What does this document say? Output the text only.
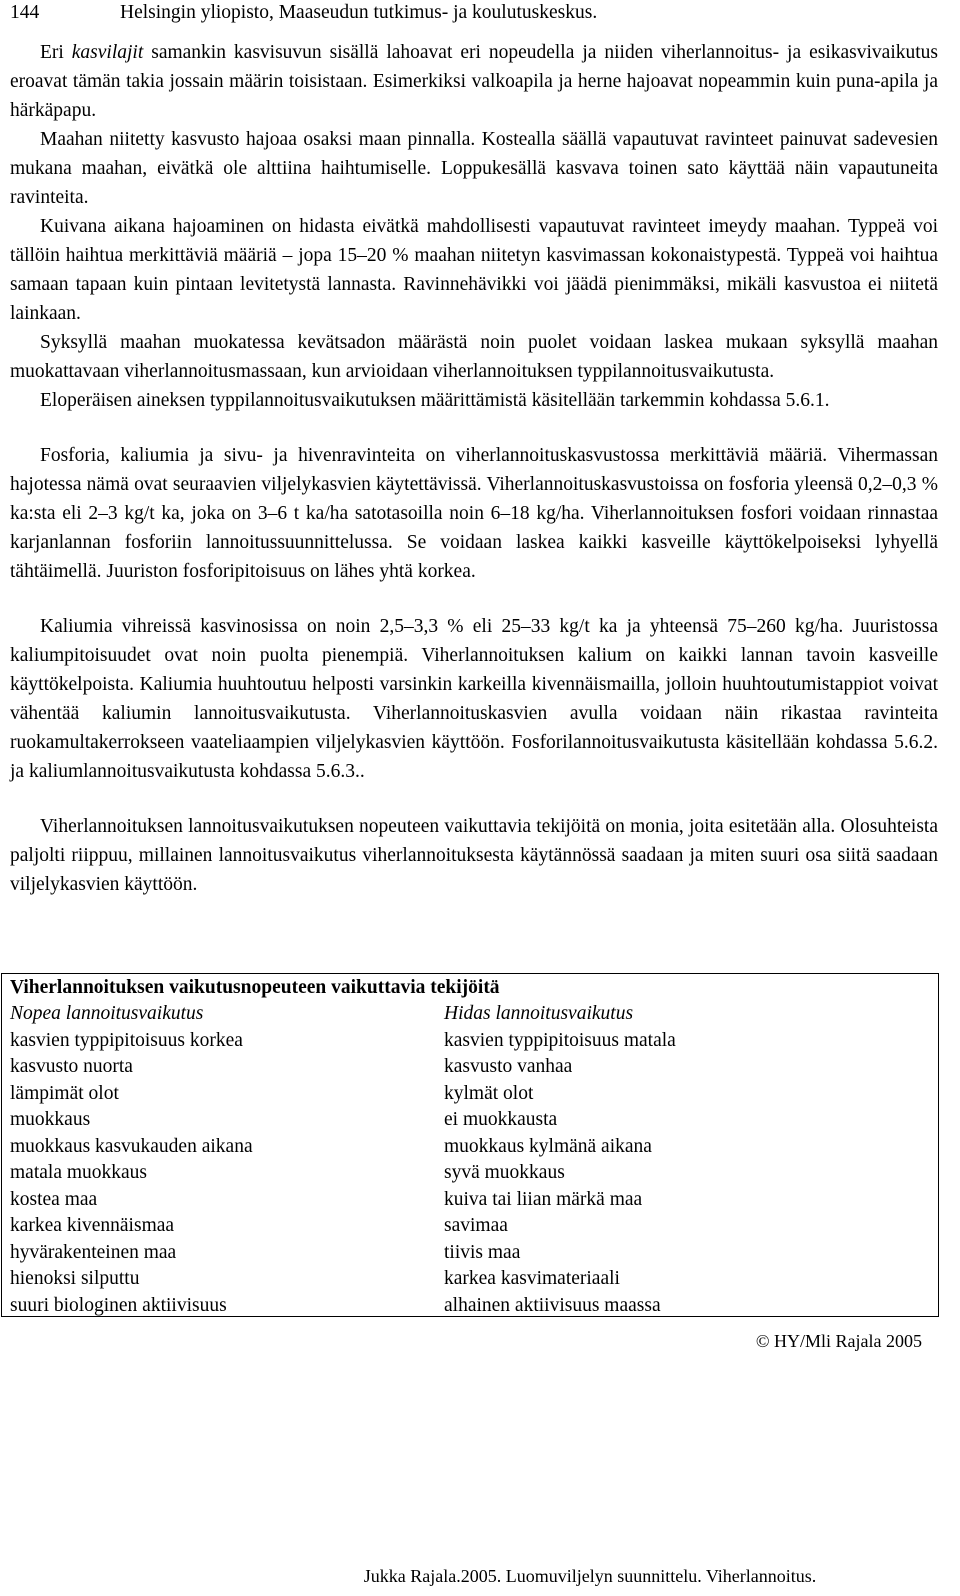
144	Helsingin yliopisto, Maaseudun tutkimus- ja koulutuskeskus.

Eri kasvilajit samankin kasvisuvun sisällä lahoavat eri nopeudella ja niiden viherlannoitus- ja esikasvivaikutus eroavat tämän takia jossain määrin toisistaan. Esimerkiksi valkoapila ja herne hajoavat nopeammin kuin puna-apila ja härkäpapu.

Maahan niitetty kasvusto hajoaa osaksi maan pinnalla. Kostealla säällä vapautuvat ravinteet painuvat sadevesien mukana maahan, eivätkä ole alttiina haihtumiselle. Loppukesällä kasvava toinen sato käyttää näin vapautuneita ravinteita.

Kuivana aikana hajoaminen on hidasta eivätkä mahdollisesti vapautuvat ravinteet imeydy maahan. Typpeä voi tällöin haihtua merkittäviä määriä – jopa 15–20 % maahan niitetyn kasvimassan kokonaistypestä. Typpeä voi haihtua samaan tapaan kuin pintaan levitetystä lannasta. Ravinnehävikki voi jäädä pienimmäksi, mikäli kasvustoa ei niitetä lainkaan.

Syksyllä maahan muokatessa kevätsadon määrästä noin puolet voidaan laskea mukaan syksyllä maahan muokattavaan viherlannoitusmassaan, kun arvioidaan viherlannoituksen typpilannoitusvaikutusta.

Eloperäisen aineksen typpilannoitusvaikutuksen määrittämistä käsitellään tarkemmin kohdassa 5.6.1.

Fosforia, kaliumia ja sivu- ja hivenravinteita on viherlannoituskasvustossa merkittäviä määriä. Vihermassan hajotessa nämä ovat seuraavien viljelykasvien käytettävissä. Viherlannoituskasvustoissa on fosforia yleensä 0,2–0,3 % ka:sta eli 2–3 kg/t ka, joka on 3–6 t ka/ha satotasoilla noin 6–18 kg/ha. Viherlannoituksen fosfori voidaan rinnastaa karjanlannan fosforiin lannoitussuunnittelussa. Se voidaan laskea kaikki kasveille käyttökelpoiseksi lyhyellä tähtäimellä. Juuriston fosforipitoisuus on lähes yhtä korkea.

Kaliumia vihreissä kasvinosissa on noin 2,5–3,3 % eli 25–33 kg/t ka ja yhteensä 75–260 kg/ha. Juuristossa kaliumpitoisuudet ovat noin puolta pienempiä. Viherlannoituksen kalium on kaikki lannan tavoin kasveille käyttökelpoista. Kaliumia huuhtoutuu helposti varsinkin karkeilla kivennäismailla, jolloin huuhtoutumistappiot voivat vähentää kaliumin lannoitusvaikutusta. Viherlannoituskasvien avulla voidaan näin rikastaa ravinteita ruokamultakerrokseen vaateliaampien viljelykasvien käyttöön. Fosforilannoitusvaikutusta käsitellään kohdassa 5.6.2. ja kaliumlannoitusvaikutusta kohdassa 5.6.3..

Viherlannoituksen lannoitusvaikutuksen nopeuteen vaikuttavia tekijöitä on monia, joita esitetään alla. Olosuhteista paljolti riippuu, millainen lannoitusvaikutus viherlannoituksesta käytännössä saadaan ja miten suuri osa siitä saadaan viljelykasvien käyttöön.

Viherlannoituksen vaikutusnopeuteen vaikuttavia tekijöitä
Nopea lannoitusvaikutus	Hidas lannoitusvaikutus
kasvien typpipitoisuus korkea	kasvien typpipitoisuus matala
kasvusto nuorta	kasvusto vanhaa
lämpimät olot	kylmät olot
muokkaus	ei muokkausta
muokkaus kasvukauden aikana	muokkaus kylmänä aikana
matala muokkaus	syvä muokkaus
kostea maa	kuiva tai liian märkä maa
karkea kivennäismaa	savimaa
hyvärakenteinen maa	tiivis maa
hienoksi silputtu	karkea kasvimateriaali
suuri biologinen aktiivisuus	alhainen aktiivisuus maassa
© HY/Mli Rajala 2005
Jukka Rajala.2005. Luomuviljelyn suunnittelu. Viherlannoitus.
